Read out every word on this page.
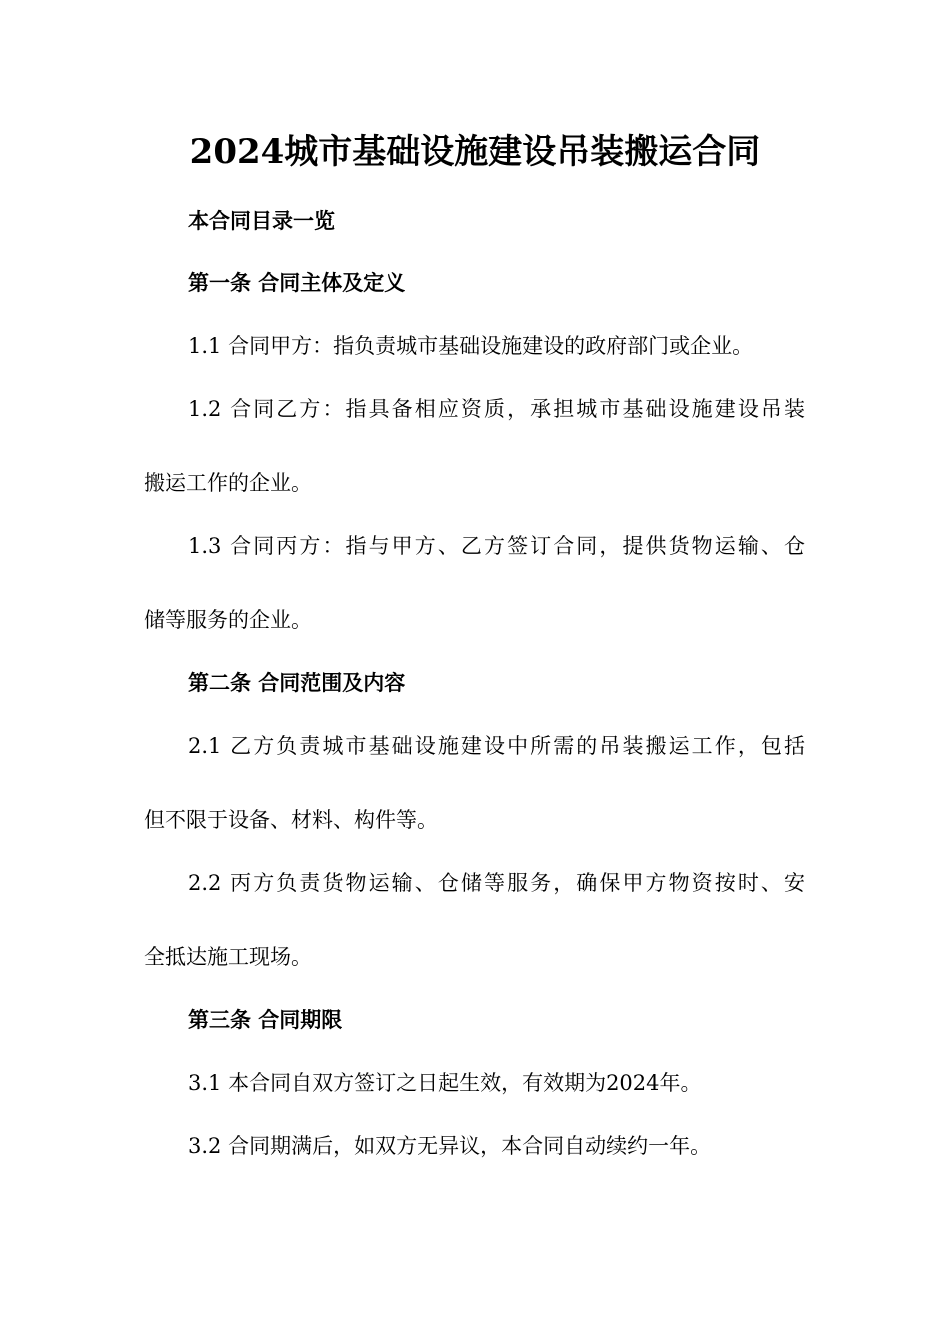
2024城市基础设施建设吊装搬运合同
本合同目录一览
第一条 合同主体及定义
1.1 合同甲方：指负责城市基础设施建设的政府部门或企业。
1.2 合同乙方：指具备相应资质，承担城市基础设施建设吊装
搬运工作的企业。
1.3 合同丙方：指与甲方、乙方签订合同，提供货物运输、仓
储等服务的企业。
第二条 合同范围及内容
2.1 乙方负责城市基础设施建设中所需的吊装搬运工作，包括
但不限于设备、材料、构件等。
2.2 丙方负责货物运输、仓储等服务，确保甲方物资按时、安
全抵达施工现场。
第三条 合同期限
3.1 本合同自双方签订之日起生效，有效期为2024年。
3.2 合同期满后，如双方无异议，本合同自动续约一年。
